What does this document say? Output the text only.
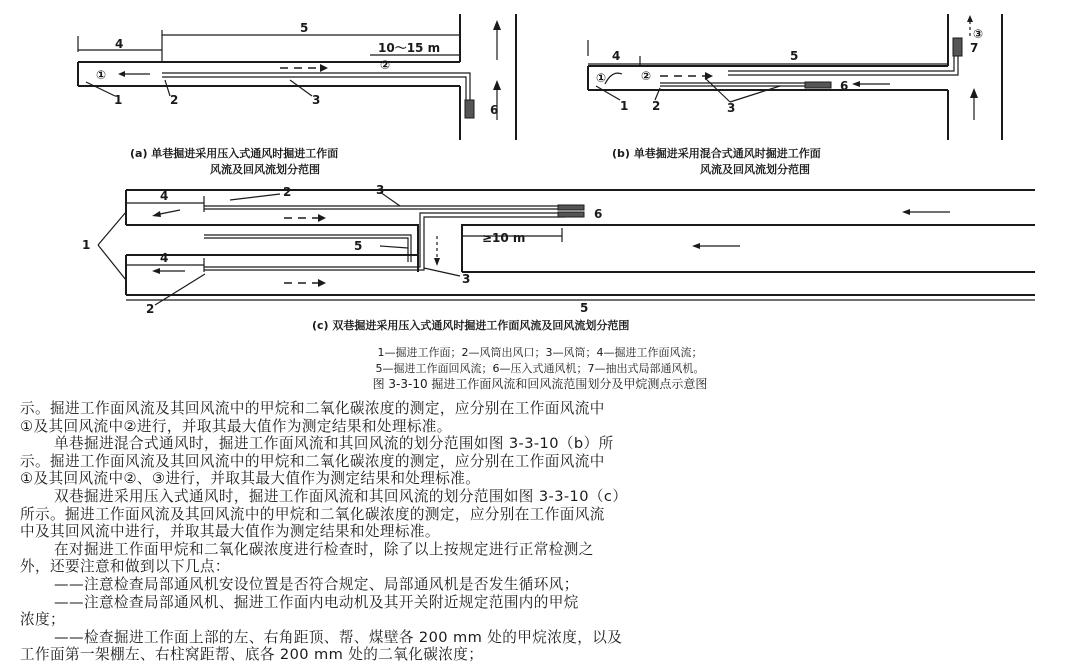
4
5
10～15 m
①
②
1	2	3
6
4	5
①	②
③
1 2	3
6
7
4
4
≥10 m
5
1
2
2
3
3
5
6
(a) 单巷掘进采用压入式通风时掘进工作面
风流及回风流划分范围
(b) 单巷掘进采用混合式通风时掘进工作面
风流及回风流划分范围
(c) 双巷掘进采用压入式通风时掘进工作面风流及回风流划分范围
1—掘进工作面；2—风筒出风口；3—风筒；4—掘进工作面风流；
5—掘进工作面回风流；6—压入式通风机；7—抽出式局部通风机。
图 3-3-10 掘进工作面风流和回风流范围划分及甲烷测点示意图
示。掘进工作面风流及其回风流中的甲烷和二氧化碳浓度的测定，应分别在工作面风流中
①及其回风流中②进行，并取其最大值作为测定结果和处理标准。
单巷掘进混合式通风时，掘进工作面风流和其回风流的划分范围如图 3-3-10（b）所
示。掘进工作面风流及其回风流中的甲烷和二氧化碳浓度的测定，应分别在工作面风流中
①及其回风流中②、③进行，并取其最大值作为测定结果和处理标准。
双巷掘进采用压入式通风时，掘进工作面风流和其回风流的划分范围如图 3-3-10（c）
所示。掘进工作面风流及其回风流中的甲烷和二氧化碳浓度的测定，应分别在工作面风流
中及其回风流中进行，并取其最大值作为测定结果和处理标准。
在对掘进工作面甲烷和二氧化碳浓度进行检查时，除了以上按规定进行正常检测之
外，还要注意和做到以下几点：
——注意检查局部通风机安设位置是否符合规定、局部通风机是否发生循环风；
——注意检查局部通风机、掘进工作面内电动机及其开关附近规定范围内的甲烷
浓度；
——检查掘进工作面上部的左、右角距顶、帮、煤壁各 200 mm 处的甲烷浓度，以及
工作面第一架棚左、右柱窝距帮、底各 200 mm 处的二氧化碳浓度；
